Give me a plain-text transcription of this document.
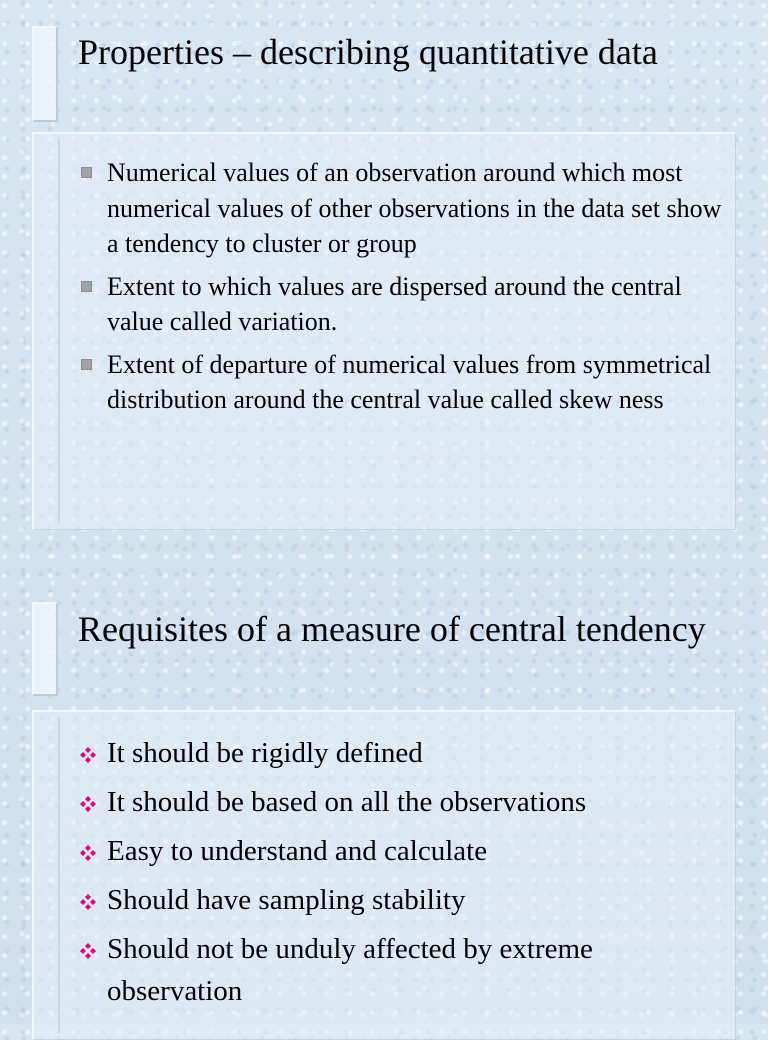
Properties – describing quantitative data
Numerical values of an observation around which most numerical values of other observations in the data set show a tendency to cluster or group
Extent to which values are dispersed around the central value called variation.
Extent of departure of numerical values from symmetrical distribution around the central value called skew ness
Requisites of a measure of central tendency
It should be rigidly defined
It should be based on all the observations
Easy to understand and calculate
Should have sampling stability
Should not be unduly affected by extreme observation
